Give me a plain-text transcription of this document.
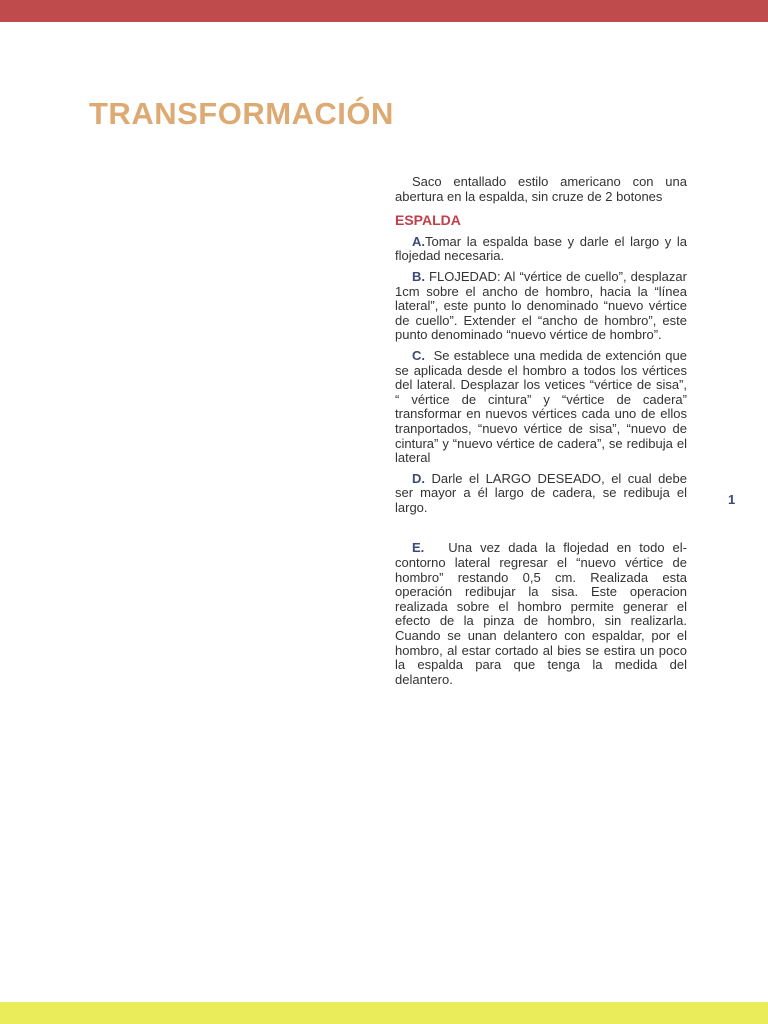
TRANSFORMACIÓN

Saco entallado estilo americano con una abertura en la espalda, sin cruze de 2 botones

ESPALDA

A.Tomar la espalda base y darle el largo y la flojedad necesaria.

B. FLOJEDAD: Al “vértice de cuello”, desplazar 1cm sobre el ancho de hombro, hacia la “línea lateral”, este punto lo denominado “nuevo vértice de cuello”. Extender el “ancho de hombro”, este punto denominado “nuevo vértice de hombro”.

C. Se establece una medida de extención que se aplicada desde el hombro a todos los vértices del lateral. Desplazar los vetices “vértice de sisa”, “ vértice de cintura” y “vértice de cadera” transformar en nuevos vértices cada uno de ellos tranportados, “nuevo vértice de sisa”, “nuevo de cintura” y “nuevo vértice de cadera”, se redibuja el lateral

D. Darle el LARGO DESEADO, el cual debe ser mayor a él largo de cadera, se redibuja el largo.

E. Una vez dada la flojedad en todo elcontorno lateral regresar el “nuevo vértice de hombro” restando 0,5 cm. Realizada esta operación redibujar la sisa. Este operacion realizada sobre el hombro permite generar el efecto de la pinza de hombro, sin realizarla. Cuando se unan delantero con espaldar, por el hombro, al estar cortado al bies se estira un poco la espalda para que tenga la medida del delantero.

1
